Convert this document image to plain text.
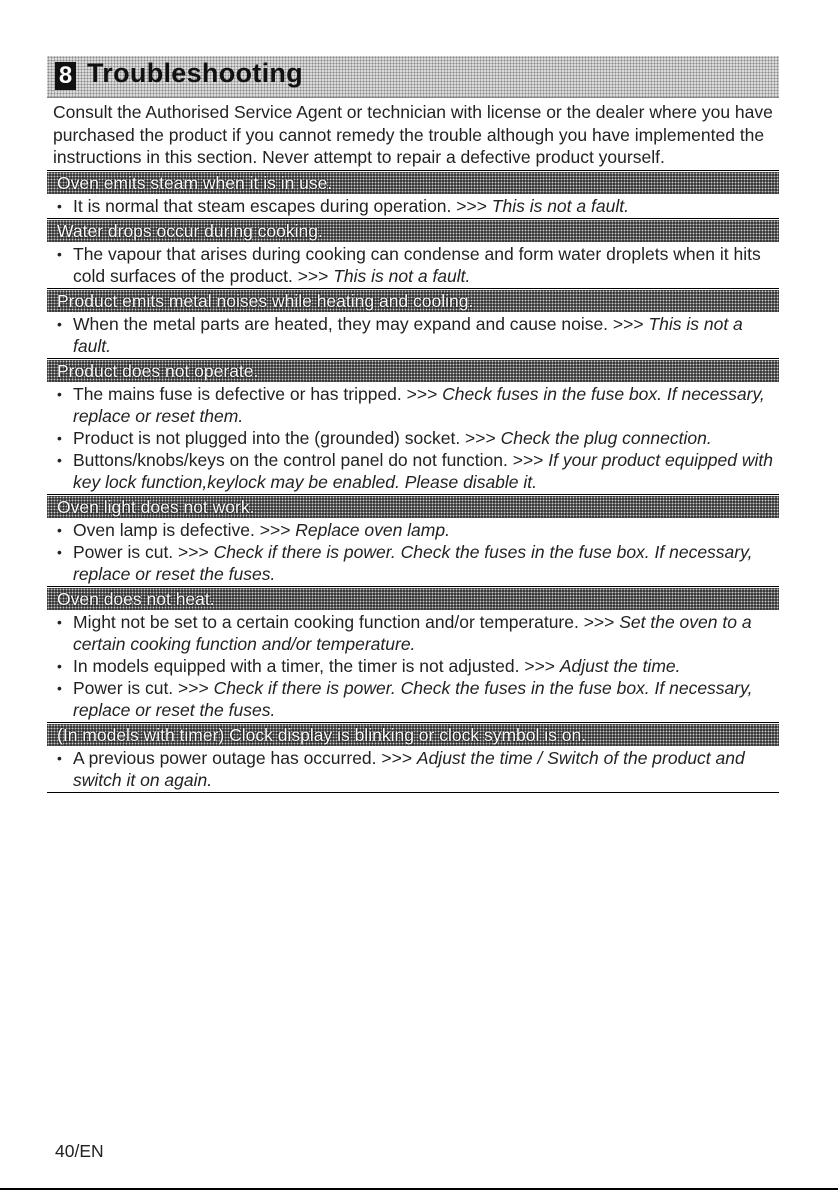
8 Troubleshooting
Consult the Authorised Service Agent or technician with license or the dealer where you have purchased the product if you cannot remedy the trouble although you have implemented the instructions in this section. Never attempt to repair a defective product yourself.
Oven emits steam when it is in use.
• It is normal that steam escapes during operation. >>> This is not a fault.
Water drops occur during cooking.
• The vapour that arises during cooking can condense and form water droplets when it hits cold surfaces of the product. >>> This is not a fault.
Product emits metal noises while heating and cooling.
• When the metal parts are heated, they may expand and cause noise. >>> This is not a fault.
Product does not operate.
• The mains fuse is defective or has tripped. >>> Check fuses in the fuse box. If necessary, replace or reset them.
• Product is not plugged into the (grounded) socket. >>> Check the plug connection.
• Buttons/knobs/keys on the control panel do not function. >>> If your product equipped with key lock function,keylock may be enabled. Please disable it.
Oven light does not work.
• Oven lamp is defective. >>> Replace oven lamp.
• Power is cut. >>> Check if there is power. Check the fuses in the fuse box. If necessary, replace or reset the fuses.
Oven does not heat.
• Might not be set to a certain cooking function and/or temperature. >>> Set the oven to a certain cooking function and/or temperature.
• In models equipped with a timer, the timer is not adjusted. >>> Adjust the time.
• Power is cut. >>> Check if there is power. Check the fuses in the fuse box. If necessary, replace or reset the fuses.
(In models with timer) Clock display is blinking or clock symbol is on.
• A previous power outage has occurred. >>> Adjust the time / Switch of the product and switch it on again.
40/EN
